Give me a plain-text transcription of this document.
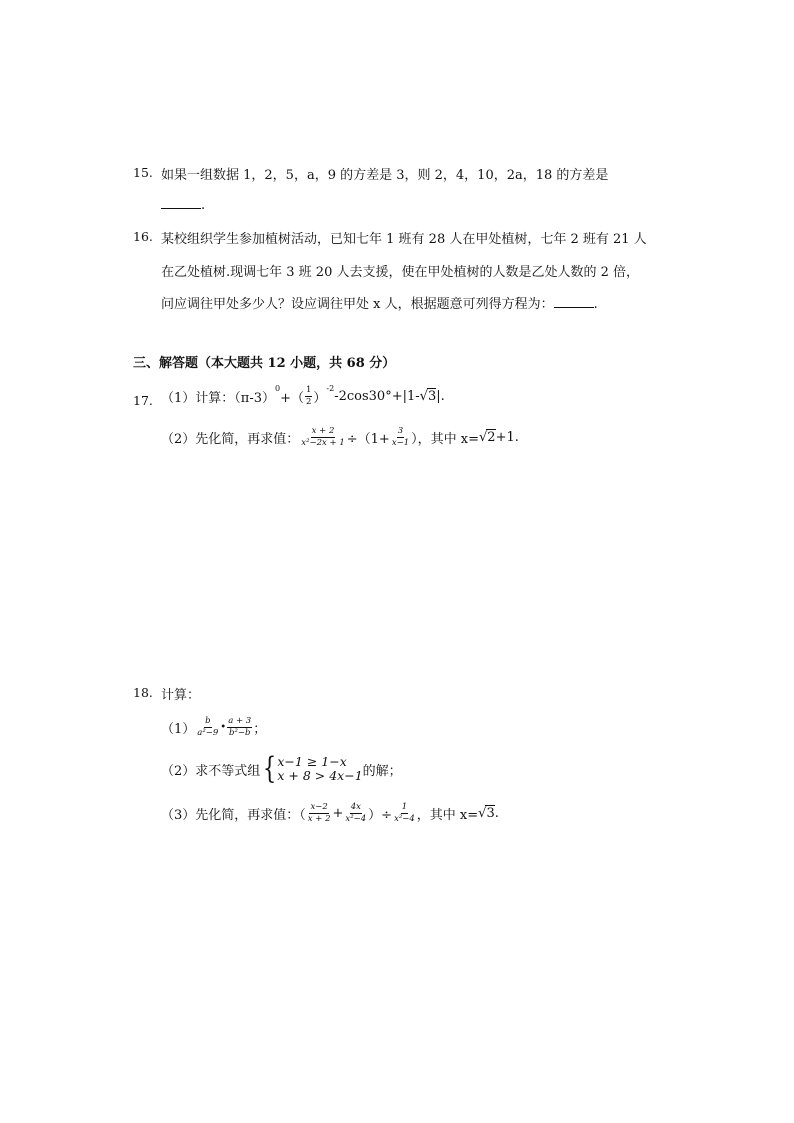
15. 如果一组数据 1，2，5，a，9 的方差是 3，则 2，4，10，2a，18 的方差是
.
16. 某校组织学生参加植树活动，已知七年 1 班有 28 人在甲处植树，七年 2 班有 21 人
在乙处植树.现调七年 3 班 20 人去支援，使在甲处植树的人数是乙处人数的 2 倍，
问应调往甲处多少人？设应调往甲处 x 人，根据题意可列得方程为：	.
三、解答题（本大题共 12 小题，共 68 分）
17. （1）计算：（π-3）
$^0$
+（ $\frac{1}{2}$ ）
$^{-2}$ -2cos30°+|1- √ 3 |.
（2）先化简，再求值： $\frac{x + 2}{\text{x²−2x + 1}} \div(1+ \frac{3}{x-1}$ ），其中 x= √ 2 +1.
18. 计算：
$(1) \frac{b}{\text{a²−9}}$ • $\frac{a + 3}{\text{b²−b}}$ ；
（2）求不等式组 { x−1 ≥ 1−x
x + 8 > 4x−1 的解；
（3）先化简，再求值：（ $\frac{x-2}{x + 2} + \frac{4x}{\text{x²−4}}$ ）÷ $\frac{1}{\text{x²−4}}$ ，其中 x= √ 3 .
